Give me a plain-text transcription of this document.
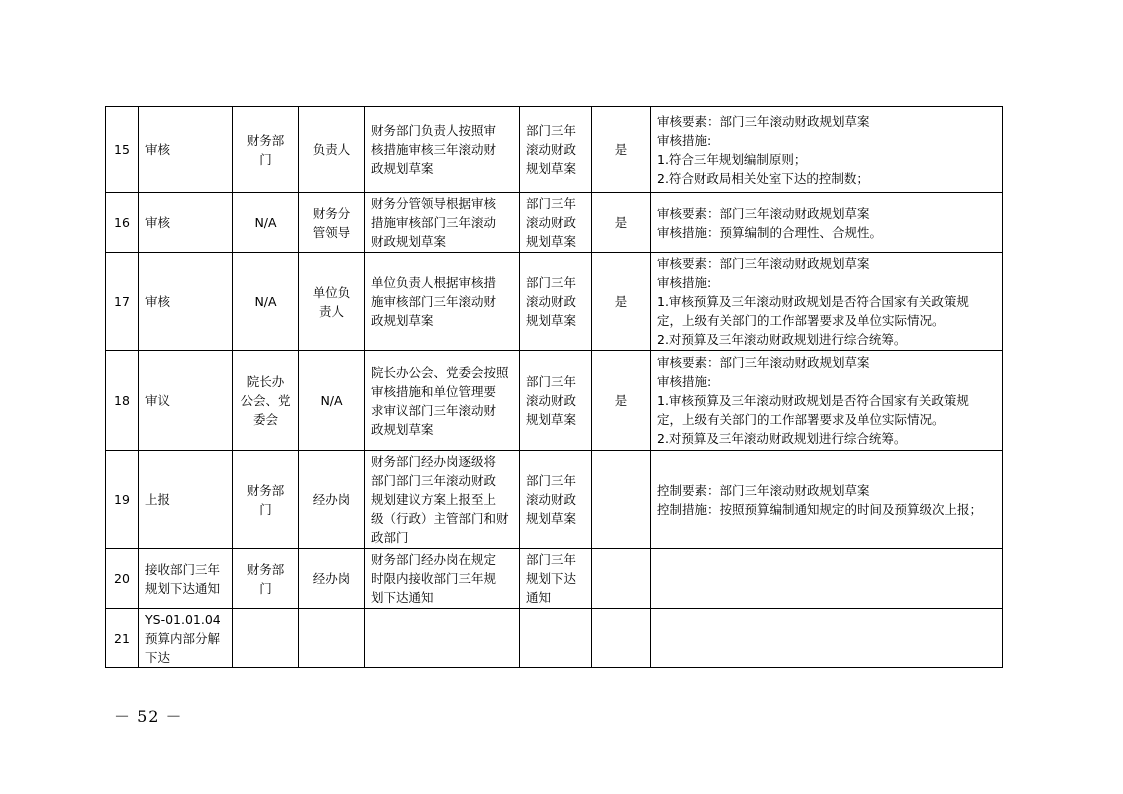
15	审核	财务部
门	负责人	财务部门负责人按照审
核措施审核三年滚动财
政规划草案	部门三年
滚动财政
规划草案	是	审核要素：部门三年滚动财政规划草案
审核措施:
1.符合三年规划编制原则；
2.符合财政局相关处室下达的控制数；

16	审核	N/A	财务分
管领导	财务分管领导根据审核
措施审核部门三年滚动
财政规划草案	部门三年
滚动财政
规划草案	是	审核要素：部门三年滚动财政规划草案
审核措施：预算编制的合理性、合规性。

17	审核	N/A	单位负
责人	单位负责人根据审核措
施审核部门三年滚动财
政规划草案	部门三年
滚动财政
规划草案	是	审核要素：部门三年滚动财政规划草案
审核措施:
1.审核预算及三年滚动财政规划是否符合国家有关政策规
定，上级有关部门的工作部署要求及单位实际情况。
2.对预算及三年滚动财政规划进行综合统筹。

18	审议	院长办
公会、党
委会	N/A	院长办公会、党委会按照
审核措施和单位管理要
求审议部门三年滚动财
政规划草案	部门三年
滚动财政
规划草案	是	审核要素：部门三年滚动财政规划草案
审核措施:
1.审核预算及三年滚动财政规划是否符合国家有关政策规
定，上级有关部门的工作部署要求及单位实际情况。
2.对预算及三年滚动财政规划进行综合统筹。

19	上报	财务部
门	经办岗	财务部门经办岗逐级将
部门部门三年滚动财政
规划建议方案上报至上
级（行政）主管部门和财
政部门	部门三年
滚动财政
规划草案		控制要素：部门三年滚动财政规划草案
控制措施：按照预算编制通知规定的时间及预算级次上报；

20	接收部门三年
规划下达通知	财务部
门	经办岗	财务部门经办岗在规定
时限内接收部门三年规
划下达通知	部门三年
规划下达
通知		

21	YS-01.01.04
预算内部分解
下达						

－ 52 －
